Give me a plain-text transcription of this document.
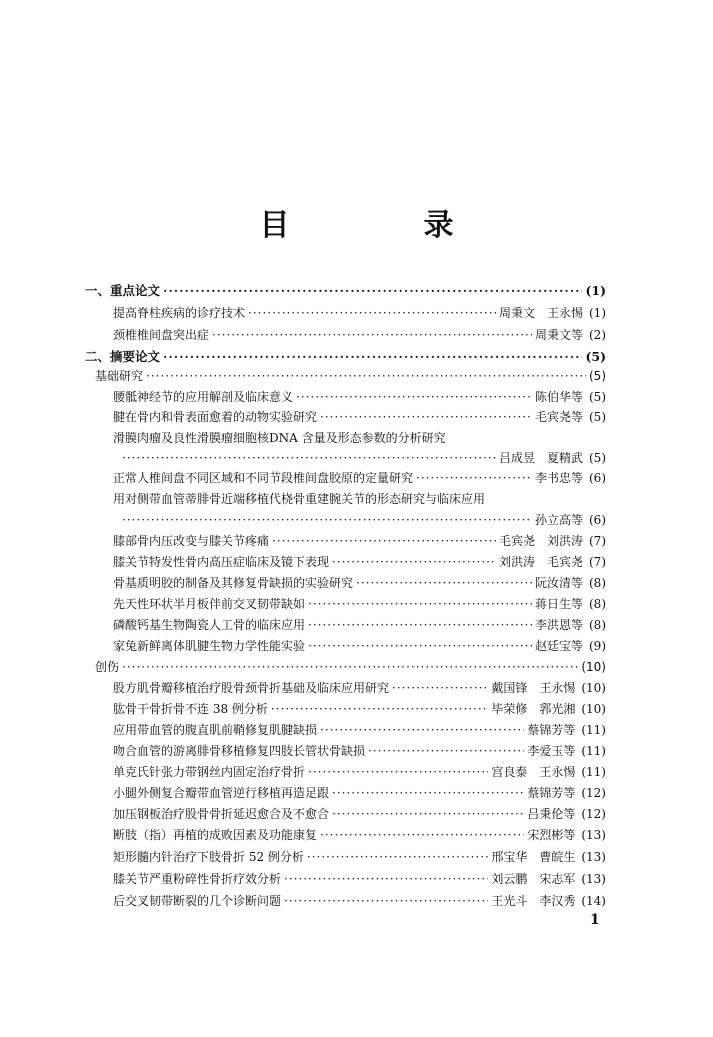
目　录
一、重点论文 ·····	(1)
提高脊柱疾病的诊疗技术 ·····	周秉文　王永惕 (1)
颈椎椎间盘突出症 ·····	周秉文等 (2)
二、摘要论文 ·····	(5)
基础研究 ·····	(5)
腰骶神经节的应用解剖及临床意义 ·····	陈伯华等 (5)
腱在骨内和骨表面愈着的动物实验研究 ·····	毛宾尧等 (5)
滑膜肉瘤及良性滑膜瘤细胞核DNA 含量及形态参数的分析研究
·····
吕成昱　夏精武 (5)
正常人椎间盘不同区域和不同节段椎间盘胶原的定量研究 ·····	李书忠等 (6)
用对侧带血管蒂腓骨近端移植代桡骨重建腕关节的形态研究与临床应用
·····
孙立高等 (6)
膝部骨内压改变与膝关节疼痛 ·····	毛宾尧　刘洪涛 (7)
膝关节特发性骨内高压症临床及镜下表现 ·····	刘洪涛　毛宾尧 (7)
骨基质明胶的制备及其修复骨缺损的实验研究 ·····	阮汝清等 (8)
先天性环状半月板伴前交叉韧带缺如 ·····	蒋日生等 (8)
磷酸钙基生物陶瓷人工骨的临床应用 ·····	李洪恩等 (8)
家兔新鲜离体肌腱生物力学性能实验 ·····	赵廷宝等 (9)
创伤 ·····	(10)
股方肌骨瓣移植治疗股骨颈骨折基础及临床应用研究 ·····	戴国锋　王永惕 (10)
肱骨干骨折骨不连 38 例分析 ·····	毕荣修　郛光湘 (10)
应用带血管的腹直肌前鞘修复肌腱缺损 ·····	蔡锦芳等 (11)
吻合血管的游离腓骨移植修复四肢长管状骨缺损 ·····	李爱玉等 (11)
单克氏针张力带钢丝内固定治疗骨折 ·····	宫良泰　王永惕 (11)
小腿外侧复合瓣带血管逆行移植再造足跟 ·····	蔡锦芳等 (12)
加压钢板治疗股骨骨折延迟愈合及不愈合 ·····	吕秉伦等 (12)
断肢（指）再植的成败因素及功能康复 ·····	宋烈彬等 (13)
矩形髓内针治疗下肢骨折 52 例分析 ·····	邢宝华　曹皖生 (13)
膝关节严重粉碎性骨折疗效分析 ·····	刘云鹏　宋志军 (13)
后交叉韧带断裂的几个诊断问题 ·····	王光斗　李汉秀 (14)
1
